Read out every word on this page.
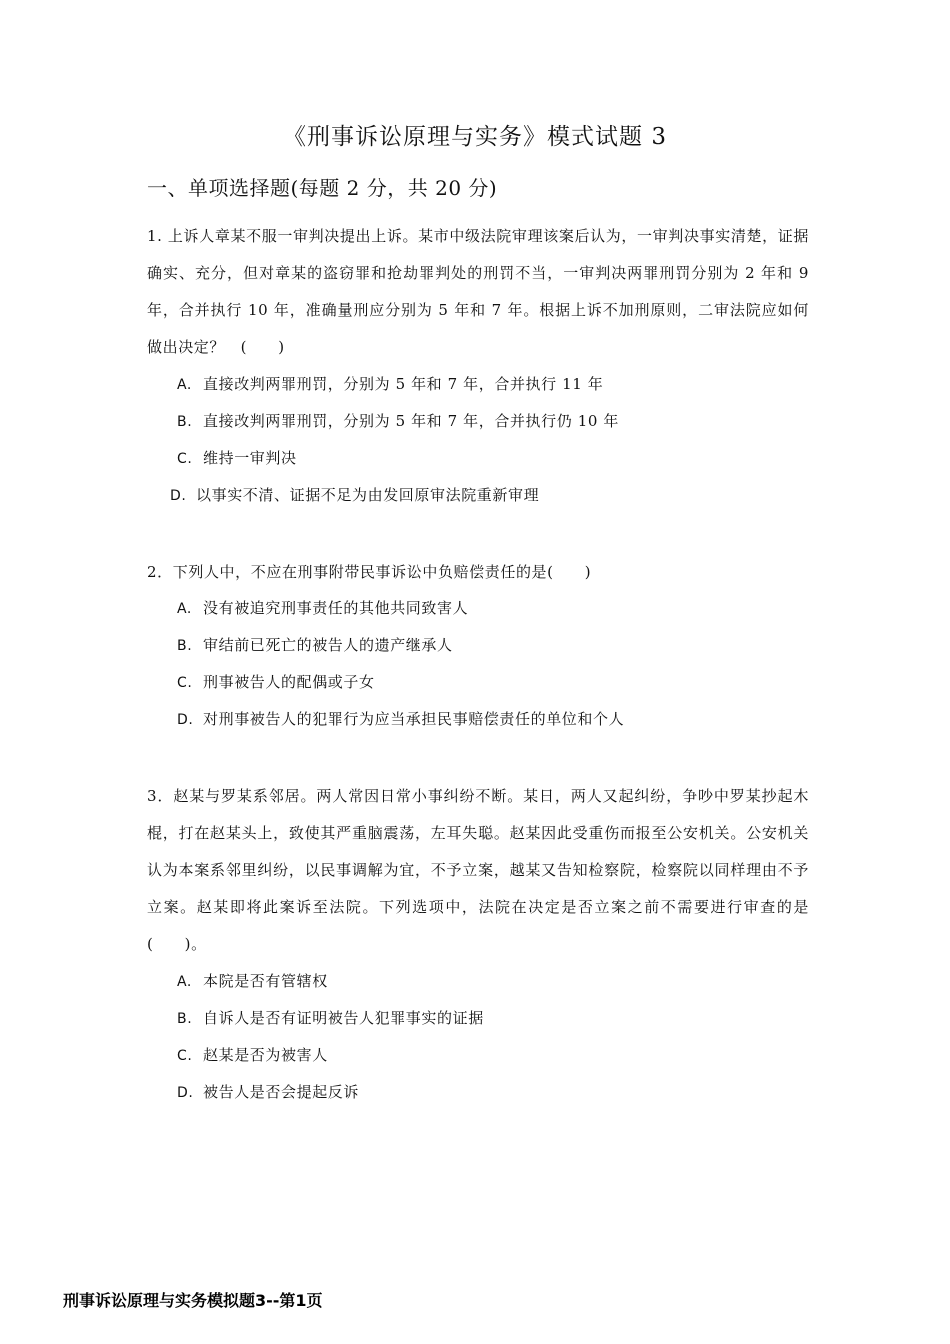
《刑事诉讼原理与实务》模式试题 3
一、单项选择题(每题 2 分，共 20 分)

1. 上诉人章某不服一审判决提出上诉。某市中级法院审理该案后认为，一审判决事实清楚，证据确实、充分，但对章某的盗窃罪和抢劫罪判处的刑罚不当，一审判决两罪刑罚分别为 2 年和 9 年，合并执行 10 年，准确量刑应分别为 5 年和 7 年。根据上诉不加刑原则，二审法院应如何做出决定？　(　　)

A. 直接改判两罪刑罚，分别为 5 年和 7 年，合并执行 11 年
B. 直接改判两罪刑罚，分别为 5 年和 7 年，合并执行仍 10 年
C. 维持一审判决
D. 以事实不清、证据不足为由发回原审法院重新审理

2．下列人中，不应在刑事附带民事诉讼中负赔偿责任的是(　　)

A. 没有被追究刑事责任的其他共同致害人
B. 审结前已死亡的被告人的遗产继承人
C. 刑事被告人的配偶或子女
D. 对刑事被告人的犯罪行为应当承担民事赔偿责任的单位和个人

3．赵某与罗某系邻居。两人常因日常小事纠纷不断。某日，两人又起纠纷，争吵中罗某抄起木棍，打在赵某头上，致使其严重脑震荡，左耳失聪。赵某因此受重伤而报至公安机关。公安机关认为本案系邻里纠纷，以民事调解为宜，不予立案，越某又告知检察院，检察院以同样理由不予立案。赵某即将此案诉至法院。下列选项中，法院在决定是否立案之前不需要进行审查的是(　　)。

A. 本院是否有管辖权
B. 自诉人是否有证明被告人犯罪事实的证据
C. 赵某是否为被害人
D. 被告人是否会提起反诉
刑事诉讼原理与实务模拟题3--第1页
